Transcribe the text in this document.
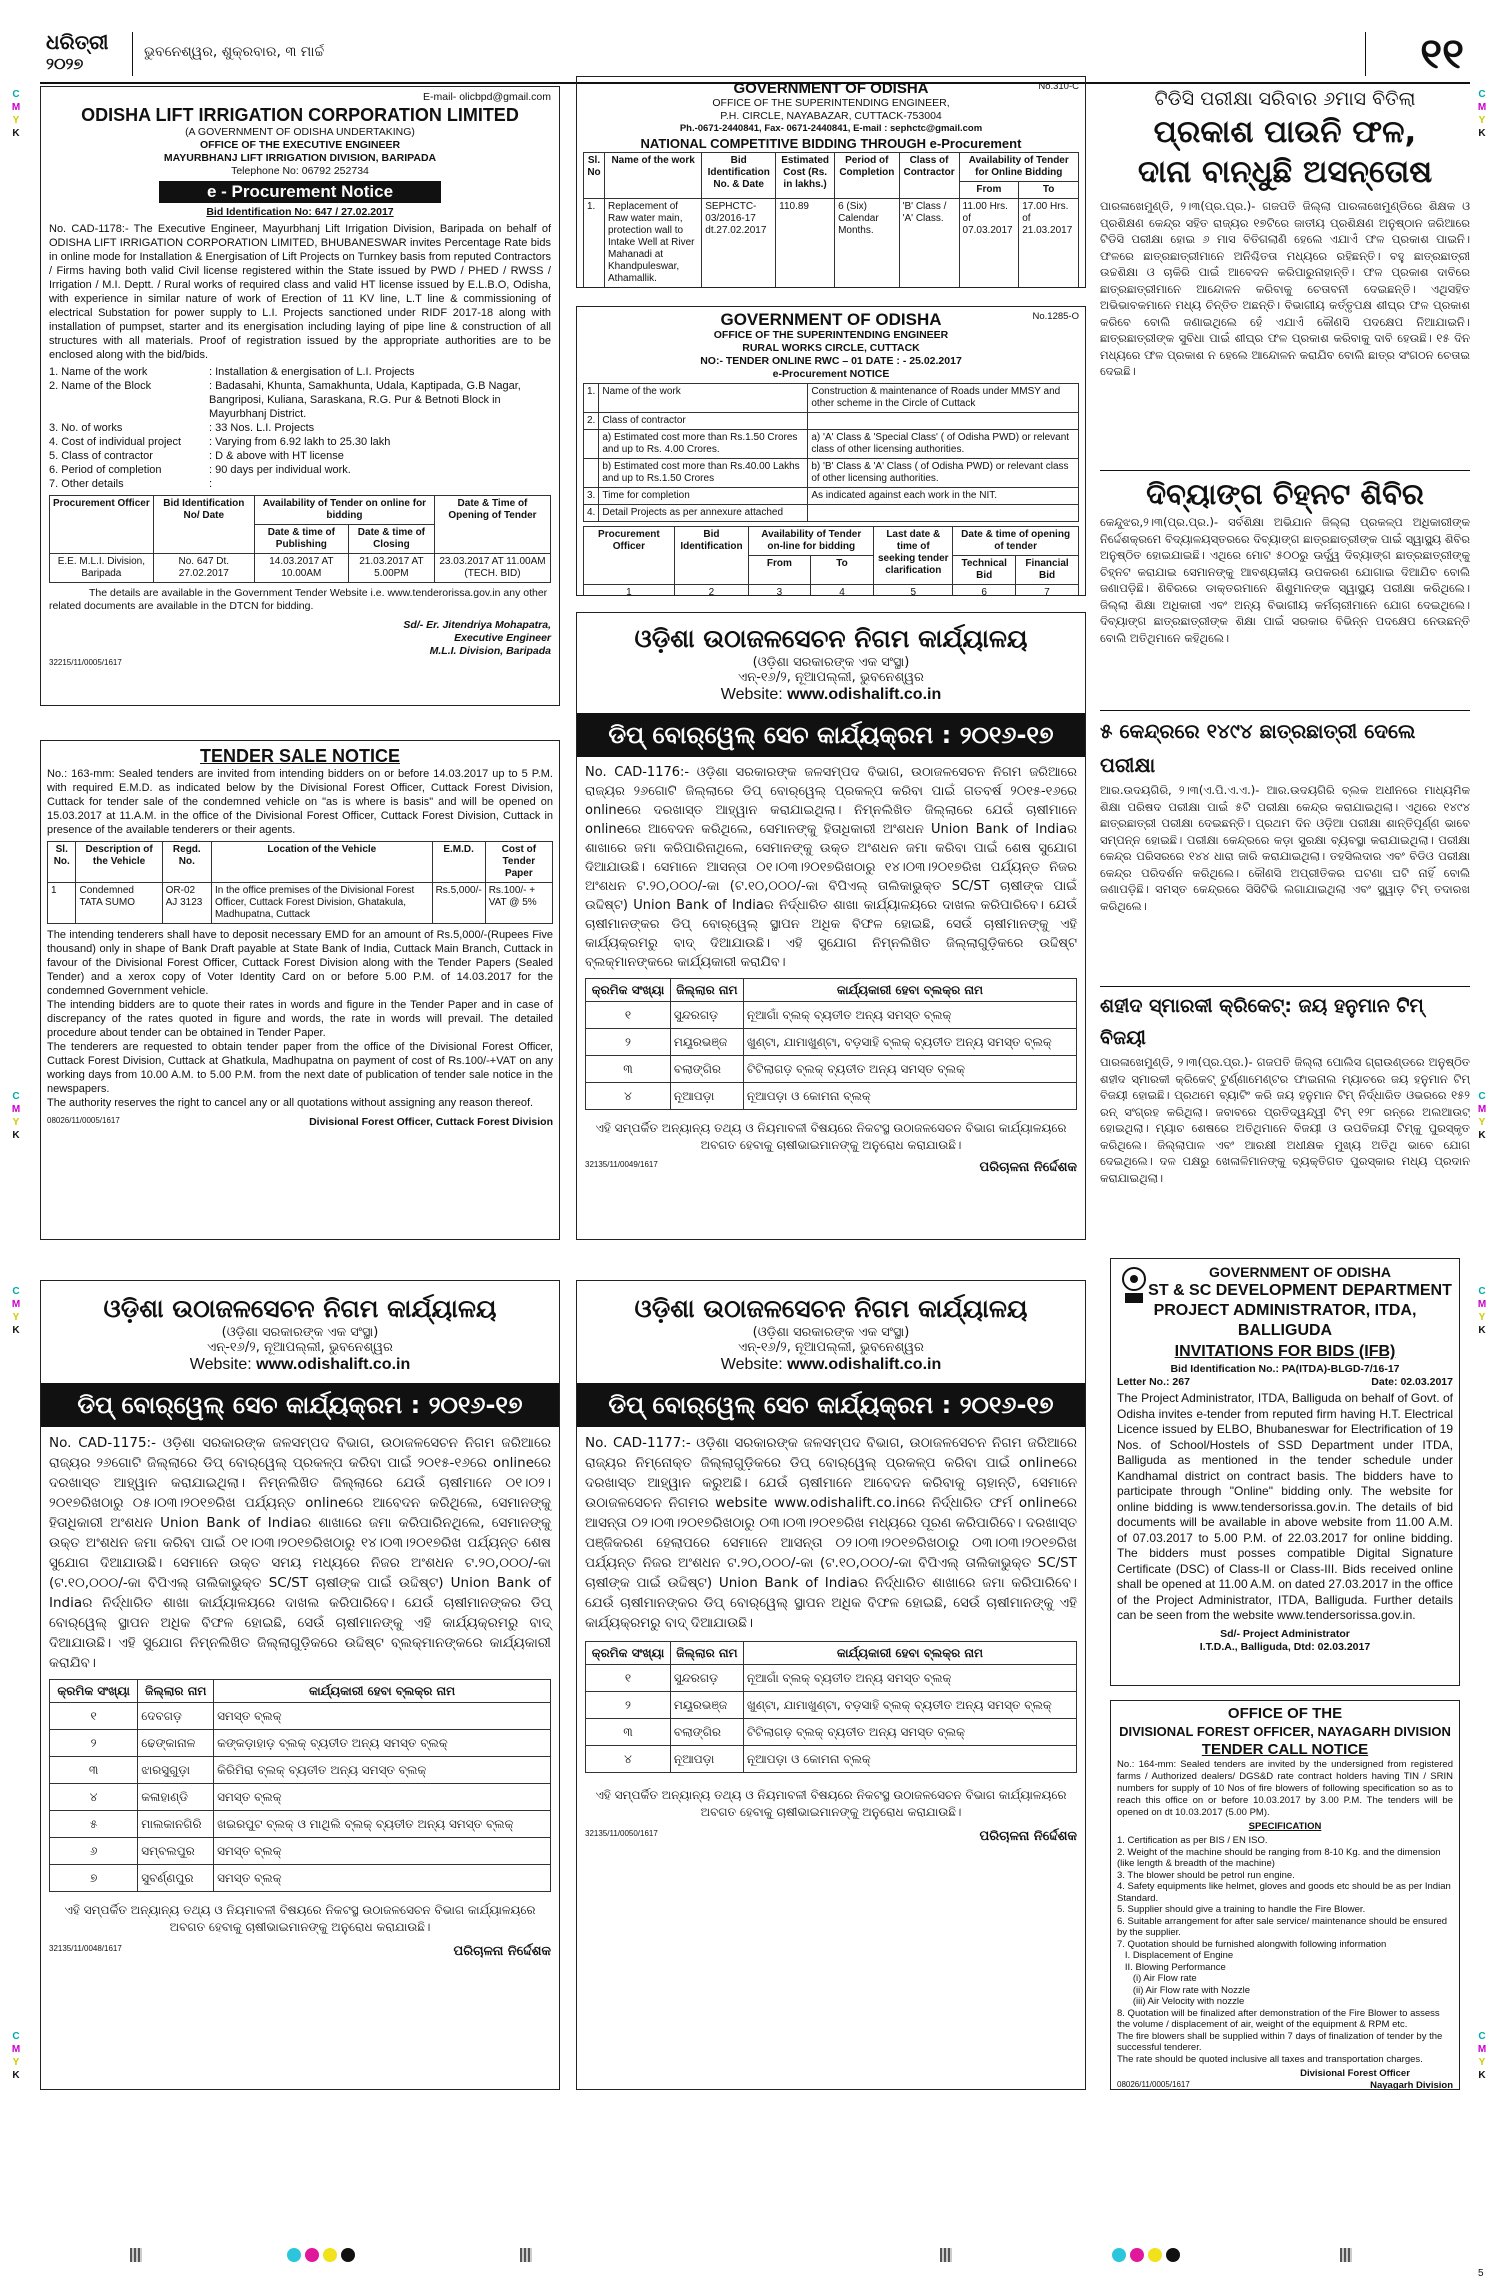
ଧରିତ୍ରୀ
୨୦୨୭
ଭୁବନେଶ୍ୱର, ଶୁକ୍ରବାର, ୩ ମାର୍ଚ୍ଚ	୧୧
C
M
Y
K
C
M
Y
K
C
M
Y
K
C
M
Y
K
C
M
Y
K
C
M
Y
K
C
M
Y
K
C
M
Y
K
5
E-mail- olicbpd@gmail.com
ODISHA LIFT IRRIGATION CORPORATION LIMITED
(A GOVERNMENT OF ODISHA UNDERTAKING)
OFFICE OF THE EXECUTIVE ENGINEER
MAYURBHANJ LIFT IRRIGATION DIVISION, BARIPADA
Telephone No: 06792 252734
e - Procurement Notice
Bid Identification No: 647 / 27.02.2017
No. CAD-1178:- The Executive Engineer, Mayurbhanj Lift Irrigation Division, Baripada on behalf of ODISHA LIFT IRRIGATION CORPORATION LIMITED, BHUBANESWAR invites Percentage Rate bids in online mode for Installation & Energisation of Lift Projects on Turnkey basis from reputed Contractors / Firms having both valid Civil license registered within the State issued by PWD / PHED / RWSS / Irrigation / M.I. Deptt. / Rural works of required class and valid HT license issued by E.L.B.O, Odisha, with experience in similar nature of work of Erection of 11 KV line, L.T line & commissioning of electrical Substation for power supply to L.I. Projects sanctioned under RIDF 2017-18 along with installation of pumpset, starter and its energisation including laying of pipe line & construction of all structures with all materials. Proof of registration issued by the appropriate authorities are to be enclosed along with the bid/bids.
1. Name of the work	: Installation & energisation of L.I. Projects
2. Name of the Block	: Badasahi, Khunta, Samakhunta, Udala, Kaptipada, G.B Nagar, Bangriposi, Kuliana, Saraskana, R.G. Pur & Betnoti Block in Mayurbhanj District.
3. No. of works	: 33 Nos. L.I. Projects
4. Cost of individual project	: Varying from 6.92 lakh to 25.30 lakh
5. Class of contractor	: D & above with HT license
6. Period of completion	: 90 days per individual work.
7. Other details	:
Procurement Officer	Bid Identification No/ Date	Availability of Tender on online for bidding		Date & Time of Opening of Tender
		Date & time of Publishing	Date & time of Closing	
E.E. M.L.I. Division, Baripada	No. 647 Dt. 27.02.2017	14.03.2017 AT 10.00AM	21.03.2017 AT 5.00PM	23.03.2017 AT 11.00AM (TECH. BID)
The details are available in the Government Tender Website i.e. www.tenderorissa.gov.in any other related documents are available in the DTCN for bidding.
Sd/- Er. Jitendriya Mohapatra,
Executive Engineer
M.L.I. Division, Baripada
32215/11/0005/1617
TENDER SALE NOTICE
No.: 163-mm: Sealed tenders are invited from intending bidders on or before 14.03.2017 up to 5 P.M. with required E.M.D. as indicated below by the Divisional Forest Officer, Cuttack Forest Division, Cuttack for tender sale of the condemned vehicle on "as is where is basis" and will be opened on 15.03.2017 at 11.A.M. in the office of the Divisional Forest Officer, Cuttack Forest Division, Cuttack in presence of the available tenderers or their agents.
Sl. No.	Description of the Vehicle	Regd. No.	Location of the Vehicle	E.M.D.	Cost of Tender Paper
1	Condemned TATA SUMO	OR-02 AJ 3123	In the office premises of the Divisional Forest Officer, Cuttack Forest Division, Ghatakula, Madhupatna, Cuttack	Rs.5,000/-	Rs.100/- + VAT @ 5%
The intending tenderers shall have to deposit necessary EMD for an amount of Rs.5,000/-(Rupees Five thousand) only in shape of Bank Draft payable at State Bank of India, Cuttack Main Branch, Cuttack in favour of the Divisional Forest Officer, Cuttack Forest Division along with the Tender Papers (Sealed Tender) and a xerox copy of Voter Identity Card on or before 5.00 P.M. of 14.03.2017 for the condemned Government vehicle.
The intending bidders are to quote their rates in words and figure in the Tender Paper and in case of discrepancy of the rates quoted in figure and words, the rate in words will prevail. The detailed procedure about tender can be obtained in Tender Paper.
The tenderers are requested to obtain tender paper from the office of the Divisional Forest Officer, Cuttack Forest Division, Cuttack at Ghatkula, Madhupatna on payment of cost of Rs.100/-+VAT on any working days from 10.00 A.M. to 5.00 P.M. from the next date of publication of tender sale notice in the newspapers.
The authority reserves the right to cancel any or all quotations without assigning any reason thereof.
08026/11/0005/1617	Divisional Forest Officer, Cuttack Forest Division
ଓଡ଼ିଶା ଉଠାଜଳସେଚନ ନିଗମ କାର୍ଯ୍ୟାଳୟ
(ଓଡ଼ିଶା ସରକାରଙ୍କ ଏକ ସଂସ୍ଥା)
ଏନ୍-୧୬/୨, ନୂଆପଲ୍ଲୀ, ଭୁବନେଶ୍ୱର
Website: www.odishalift.co.in
ଡିପ୍ ବୋର୍‌ୱେଲ୍ ସେଚ କାର୍ଯ୍ୟକ୍ରମ : ୨୦୧୬-୧୭
No. CAD-1175:- ଓଡ଼ିଶା ସରକାରଙ୍କ ଜଳସମ୍ପଦ ବିଭାଗ, ଉଠାଜଳସେଚନ ନିଗମ ଜରିଆରେ ରାଜ୍ୟର ୨୬ଗୋଟି ଜିଲ୍ଲାରେ ଡିପ୍ ବୋର୍‌ୱେଲ୍ ପ୍ରକଳ୍ପ କରିବା ପାଇଁ ୨୦୧୫-୧୬ରେ onlineରେ ଦରଖାସ୍ତ ଆହ୍ୱାନ କରାଯାଇଥିଲା। ନିମ୍ନଲିଖିତ ଜିଲ୍ଲାରେ ଯେଉଁ ଚାଷୀମାନେ ୦୧।୦୨।୨୦୧୭ରିଖଠାରୁ ୦୫।୦୩।୨୦୧୭ରିଖ ପର୍ଯ୍ୟନ୍ତ onlineରେ ଆବେଦନ କରିଥିଲେ, ସେମାନଙ୍କୁ ହିତାଧିକାରୀ ଅଂଶଧନ Union Bank of Indiaର ଶାଖାରେ ଜମା କରିପାରିନଥିଲେ, ସେମାନଙ୍କୁ ଉକ୍ତ ଅଂଶଧନ ଜମା କରିବା ପାଇଁ ୦୧।୦୩।୨୦୧୭ରିଖଠାରୁ ୧୪।୦୩।୨୦୧୭ରିଖ ପର୍ଯ୍ୟନ୍ତ ଶେଷ ସୁଯୋଗ ଦିଆଯାଉଛି। ସେମାନେ ଉକ୍ତ ସମୟ ମଧ୍ୟରେ ନିଜର ଅଂଶଧନ ଟ.୨୦,୦୦୦/-କା (ଟ.୧୦,୦୦୦/-କା ବିପିଏଲ୍ ତାଲିକାଭୁକ୍ତ SC/ST ଚାଷୀଙ୍କ ପାଇଁ ଉଦ୍ଦିଷ୍ଟ) Union Bank of Indiaର ନିର୍ଦ୍ଧାରିତ ଶାଖା କାର୍ଯ୍ୟାଳୟରେ ଦାଖଲ କରିପାରିବେ। ଯେଉଁ ଚାଷୀମାନଙ୍କର ଡିପ୍ ବୋର୍‌ୱେଲ୍ ସ୍ଥାପନ ଅଧିକ ବିଫଳ ହୋଇଛି, ସେଉଁ ଚାଷୀମାନଙ୍କୁ ଏହି କାର୍ଯ୍ୟକ୍ରମରୁ ବାଦ୍ ଦିଆଯାଉଛି। ଏହି ସୁଯୋଗ ନିମ୍ନଲିଖିତ ଜିଲ୍ଲାଗୁଡ଼ିକରେ ଉଦ୍ଦିଷ୍ଟ ବ୍ଲକ୍‌ମାନଙ୍କରେ କାର୍ଯ୍ୟକାରୀ କରାଯିବ।
କ୍ରମିକ ସଂଖ୍ୟା	ଜିଲ୍ଲାର ନାମ	କାର୍ଯ୍ୟକାରୀ ହେବା ବ୍ଲକ୍‌ର ନାମ
୧	ଦେବଗଡ଼	ସମସ୍ତ ବ୍ଲକ୍
୨	ଢେଙ୍କାନାଳ	କଙ୍କଡ଼ାହାଡ଼ ବ୍ଲକ୍ ବ୍ୟତୀତ ଅନ୍ୟ ସମସ୍ତ ବ୍ଲକ୍
୩	ଝାରସୁଗୁଡ଼ା	କିରିମିରା ବ୍ଲକ୍ ବ୍ୟତୀତ ଅନ୍ୟ ସମସ୍ତ ବ୍ଲକ୍
୪	କଳାହାଣ୍ଡି	ସମସ୍ତ ବ୍ଲକ୍
୫	ମାଲକାନଗିରି	ଖଇରପୁଟ ବ୍ଲକ୍ ଓ ମାଥିଲି ବ୍ଲକ୍ ବ୍ୟତୀତ ଅନ୍ୟ ସମସ୍ତ ବ୍ଲକ୍
୬	ସମ୍ବଲପୁର	ସମସ୍ତ ବ୍ଲକ୍
୭	ସୁବର୍ଣ୍ଣପୁର	ସମସ୍ତ ବ୍ଲକ୍
ଏହି ସମ୍ପର୍କିତ ଅନ୍ୟାନ୍ୟ ତଥ୍ୟ ଓ ନିୟମାବଳୀ ବିଷୟରେ ନିକଟସ୍ଥ ଉଠାଜଳସେଚନ ବିଭାଗ କାର୍ଯ୍ୟାଳୟରେ ଅବଗତ ହେବାକୁ ଚାଷୀଭାଇମାନଙ୍କୁ ଅନୁରୋଧ କରାଯାଉଛି।
32135/11/0048/1617	ପରିଚାଳନା ନିର୍ଦ୍ଦେଶକ
No.310-C
GOVERNMENT OF ODISHA
OFFICE OF THE SUPERINTENDING ENGINEER,
P.H. CIRCLE, NAYABAZAR, CUTTACK-753004
Ph.-0671-2440841, Fax- 0671-2440841, E-mail : sephctc@gmail.com
NATIONAL COMPETITIVE BIDDING THROUGH e-Procurement
Sl. No	Name of the work	Bid Identification No. & Date	Estimated Cost (Rs. in lakhs.)	Period of Completion	Class of Contractor	Availability of Tender for Online Bidding	
						From	To
1.	Replacement of Raw water main, protection wall to Intake Well at River Mahanadi at Khandpuleswar, Athamallik.	SEPHCTC-03/2016-17 dt.27.02.2017	110.89	6 (Six) Calendar Months.	'B' Class / 'A' Class.	11.00 Hrs. of 07.03.2017	17.00 Hrs. of 21.03.2017
No.1285-O
GOVERNMENT OF ODISHA
OFFICE OF THE SUPERINTENDING ENGINEER
RURAL WORKS CIRCLE, CUTTACK
NO:- TENDER ONLINE RWC – 01 DATE : - 25.02.2017
e-Procurement NOTICE
1.	Name of the work	Construction & maintenance of Roads under MMSY and other scheme in the Circle of Cuttack
2.	Class of contractor	
	a) Estimated cost more than Rs.1.50 Crores and up to Rs. 4.00 Crores.	a) 'A' Class & 'Special Class' ( of Odisha PWD) or relevant class of other licensing authorities.
	b) Estimated cost more than Rs.40.00 Lakhs and up to Rs.1.50 Crores	b) 'B' Class & 'A' Class ( of Odisha PWD) or relevant class of other licensing authorities.
3.	Time for completion	As indicated against each work in the NIT.
4.	Detail Projects as per annexure attached	
Procurement Officer	Bid Identification	Availability of Tender on-line for bidding		Last date & time of seeking tender clarification	Date & time of opening of tender	
		From	To		Technical Bid	Financial Bid
1	2	3	4	5	6	7

ଓଡ଼ିଶା ଉଠାଜଳସେଚନ ନିଗମ କାର୍ଯ୍ୟାଳୟ
(ଓଡ଼ିଶା ସରକାରଙ୍କ ଏକ ସଂସ୍ଥା)
ଏନ୍-୧୬/୨, ନୂଆପଲ୍ଲୀ, ଭୁବନେଶ୍ୱର
Website: www.odishalift.co.in
ଡିପ୍ ବୋର୍‌ୱେଲ୍ ସେଚ କାର୍ଯ୍ୟକ୍ରମ : ୨୦୧୬-୧୭
No. CAD-1176:- ଓଡ଼ିଶା ସରକାରଙ୍କ ଜଳସମ୍ପଦ ବିଭାଗ, ଉଠାଜଳସେଚନ ନିଗମ ଜରିଆରେ ରାଜ୍ୟର ୨୬ଗୋଟି ଜିଲ୍ଲାରେ ଡିପ୍ ବୋର୍‌ୱେଲ୍ ପ୍ରକଳ୍ପ କରିବା ପାଇଁ ଗତବର୍ଷ ୨୦୧୫-୧୬ରେ onlineରେ ଦରଖାସ୍ତ ଆହ୍ୱାନ କରାଯାଇଥିଲା। ନିମ୍ନଲିଖିତ ଜିଲ୍ଲାରେ ଯେଉଁ ଚାଷୀମାନେ onlineରେ ଆବେଦନ କରିଥିଲେ, ସେମାନଙ୍କୁ ହିତାଧିକାରୀ ଅଂଶଧନ Union Bank of Indiaର ଶାଖାରେ ଜମା କରିପାରିନାଥିଲେ, ସେମାନଙ୍କୁ ଉକ୍ତ ଅଂଶଧନ ଜମା କରିବା ପାଇଁ ଶେଷ ସୁଯୋଗ ଦିଆଯାଉଛି। ସେମାନେ ଆସନ୍ତା ୦୧।୦୩।୨୦୧୭ରିଖଠାରୁ ୧୪।୦୩।୨୦୧୭ରିଖ ପର୍ଯ୍ୟନ୍ତ ନିଜର ଅଂଶଧନ ଟ.୨୦,୦୦୦/-କା (ଟ.୧୦,୦୦୦/-କା ବିପିଏଲ୍ ତାଲିକାଭୁକ୍ତ SC/ST ଚାଷୀଙ୍କ ପାଇଁ ଉଦ୍ଦିଷ୍ଟ) Union Bank of Indiaର ନିର୍ଦ୍ଧାରିତ ଶାଖା କାର୍ଯ୍ୟାଳୟରେ ଦାଖଲ କରିପାରିବେ। ଯେଉଁ ଚାଷୀମାନଙ୍କର ଡିପ୍ ବୋର୍‌ୱେଲ୍ ସ୍ଥାପନ ଅଧିକ ବିଫଳ ହୋଇଛି, ସେଉଁ ଚାଷୀମାନଙ୍କୁ ଏହି କାର୍ଯ୍ୟକ୍ରମରୁ ବାଦ୍ ଦିଆଯାଉଛି। ଏହି ସୁଯୋଗ ନିମ୍ନଲିଖିତ ଜିଲ୍ଲାଗୁଡ଼ିକରେ ଉଦ୍ଦିଷ୍ଟ ବ୍ଲକ୍‌ମାନଙ୍କରେ କାର୍ଯ୍ୟକାରୀ କରାଯିବ।
କ୍ରମିକ ସଂଖ୍ୟା	ଜିଲ୍ଲାର ନାମ	କାର୍ଯ୍ୟକାରୀ ହେବା ବ୍ଲକ୍‌ର ନାମ
୧	ସୁନ୍ଦରଗଡ଼	ନୂଆଗାଁ ବ୍ଲକ୍ ବ୍ୟତୀତ ଅନ୍ୟ ସମସ୍ତ ବ୍ଲକ୍
୨	ମୟୂରଭଞ୍ଜ	ଖୁଣ୍ଟା, ଯାମାଖୁଣ୍ଟା, ବଡ଼ସାହି ବ୍ଲକ୍ ବ୍ୟତୀତ ଅନ୍ୟ ସମସ୍ତ ବ୍ଲକ୍
୩	ବଲାଙ୍ଗିର	ଟିଟିଲାଗଡ଼ ବ୍ଲକ୍ ବ୍ୟତୀତ ଅନ୍ୟ ସମସ୍ତ ବ୍ଲକ୍
୪	ନୂଆପଡ଼ା	ନୂଆପଡ଼ା ଓ କୋମନା ବ୍ଲକ୍
ଏହି ସମ୍ପର୍କିତ ଅନ୍ୟାନ୍ୟ ତଥ୍ୟ ଓ ନିୟମାବଳୀ ବିଷୟରେ ନିକଟସ୍ଥ ଉଠାଜଳସେଚନ ବିଭାଗ କାର୍ଯ୍ୟାଳୟରେ ଅବଗତ ହେବାକୁ ଚାଷୀଭାଇମାନଙ୍କୁ ଅନୁରୋଧ କରାଯାଉଛି।
32135/11/0049/1617	ପରିଚାଳନା ନିର୍ଦ୍ଦେଶକ
ଓଡ଼ିଶା ଉଠାଜଳସେଚନ ନିଗମ କାର୍ଯ୍ୟାଳୟ
(ଓଡ଼ିଶା ସରକାରଙ୍କ ଏକ ସଂସ୍ଥା)
ଏନ୍-୧୬/୨, ନୂଆପଲ୍ଲୀ, ଭୁବନେଶ୍ୱର
Website: www.odishalift.co.in
ଡିପ୍ ବୋର୍‌ୱେଲ୍ ସେଚ କାର୍ଯ୍ୟକ୍ରମ : ୨୦୧୬-୧୭
No. CAD-1177:- ଓଡ଼ିଶା ସରକାରଙ୍କ ଜଳସମ୍ପଦ ବିଭାଗ, ଉଠାଜଳସେଚନ ନିଗମ ଜରିଆରେ ରାଜ୍ୟର ନିମ୍ନୋକ୍ତ ଜିଲ୍ଲାଗୁଡ଼ିକରେ ଡିପ୍ ବୋର୍‌ୱେଲ୍ ପ୍ରକଳ୍ପ କରିବା ପାଇଁ onlineରେ ଦରଖାସ୍ତ ଆହ୍ୱାନ କରୁଅଛି। ଯେଉଁ ଚାଷୀମାନେ ଆବେଦନ କରିବାକୁ ଚାହାନ୍ତି, ସେମାନେ ଉଠାଜଳସେଚନ ନିଗମର website www.odishalift.co.inରେ ନିର୍ଦ୍ଧାରିତ ଫର୍ମ onlineରେ ଆସନ୍ତା ୦୨।୦୩।୨୦୧୭ରିଖଠାରୁ ୦୩।୦୩।୨୦୧୭ରିଖ ମଧ୍ୟରେ ପୂରଣ କରିପାରିବେ। ଦରଖାସ୍ତ ପଞ୍ଜିକରଣ ହେଲାପରେ ସେମାନେ ଆସନ୍ତା ୦୨।୦୩।୨୦୧୭ରିଖଠାରୁ ୦୩।୦୩।୨୦୧୭ରିଖ ପର୍ଯ୍ୟନ୍ତ ନିଜର ଅଂଶଧନ ଟ.୨୦,୦୦୦/-କା (ଟ.୧୦,୦୦୦/-କା ବିପିଏଲ୍ ତାଲିକାଭୁକ୍ତ SC/ST ଚାଷୀଙ୍କ ପାଇଁ ଉଦ୍ଦିଷ୍ଟ) Union Bank of Indiaର ନିର୍ଦ୍ଧାରିତ ଶାଖାରେ ଜମା କରିପାରିବେ। ଯେଉଁ ଚାଷୀମାନଙ୍କର ଡିପ୍ ବୋର୍‌ୱେଲ୍ ସ୍ଥାପନ ଅଧିକ ବିଫଳ ହୋଇଛି, ସେଉଁ ଚାଷୀମାନଙ୍କୁ ଏହି କାର୍ଯ୍ୟକ୍ରମରୁ ବାଦ୍ ଦିଆଯାଉଛି।
କ୍ରମିକ ସଂଖ୍ୟା	ଜିଲ୍ଲାର ନାମ	କାର୍ଯ୍ୟକାରୀ ହେବା ବ୍ଲକ୍‌ର ନାମ
୧	ସୁନ୍ଦରଗଡ଼	ନୂଆଗାଁ ବ୍ଲକ୍ ବ୍ୟତୀତ ଅନ୍ୟ ସମସ୍ତ ବ୍ଲକ୍
୨	ମୟୂରଭଞ୍ଜ	ଖୁଣ୍ଟା, ଯାମାଖୁଣ୍ଟା, ବଡ଼ସାହି ବ୍ଲକ୍ ବ୍ୟତୀତ ଅନ୍ୟ ସମସ୍ତ ବ୍ଲକ୍
୩	ବଲାଙ୍ଗିର	ଟିଟିଲାଗଡ଼ ବ୍ଲକ୍ ବ୍ୟତୀତ ଅନ୍ୟ ସମସ୍ତ ବ୍ଲକ୍
୪	ନୂଆପଡ଼ା	ନୂଆପଡ଼ା ଓ କୋମନା ବ୍ଲକ୍
ଏହି ସମ୍ପର୍କିତ ଅନ୍ୟାନ୍ୟ ତଥ୍ୟ ଓ ନିୟମାବଳୀ ବିଷୟରେ ନିକଟସ୍ଥ ଉଠାଜଳସେଚନ ବିଭାଗ କାର୍ଯ୍ୟାଳୟରେ ଅବଗତ ହେବାକୁ ଚାଷୀଭାଇମାନଙ୍କୁ ଅନୁରୋଧ କରାଯାଉଛି।
32135/11/0050/1617	ପରିଚାଳନା ନିର୍ଦ୍ଦେଶକ
ଟିଡିସି ପରୀକ୍ଷା ସରିବାର ୬ମାସ ବିତିଲା
ପ୍ରକାଶ ପାଉନି ଫଳ,
ଦାନା ବାନ୍ଧୁଛି ଅସନ୍ତୋଷ
ପାରଳାଖେମୁଣ୍ଡି, ୨।୩(ପ୍ର.ପ୍ର.)- ଗଜପତି ଜିଲ୍ଲା ପାରଳାଖେମୁଣ୍ଡିରେ ଶିକ୍ଷକ ଓ ପ୍ରଶିକ୍ଷଣ କେନ୍ଦ୍ର ସହିତ ରାଜ୍ୟର ୧୭ଟିରେ ଜାତୀୟ ପ୍ରଶିକ୍ଷଣ ଅନୁଷ୍ଠାନ ଜରିଆରେ ଟିଡିସି ପରୀକ୍ଷା ହୋଇ ୬ ମାସ ବିତିଗଲାଣି ହେଲେ ଏଯାଏଁ ଫଳ ପ୍ରକାଶ ପାଇନି। ଫଳରେ ଛାତ୍ରଛାତ୍ରୀମାନେ ଅନିଶ୍ଚିତତା ମଧ୍ୟରେ ରହିଛନ୍ତି। ବହୁ ଛାତ୍ରଛାତ୍ରୀ ଉଚ୍ଚଶିକ୍ଷା ଓ ଚାକିରି ପାଇଁ ଆବେଦନ କରିପାରୁନାହାନ୍ତି। ଫଳ ପ୍ରକାଶ ଦାବିରେ ଛାତ୍ରଛାତ୍ରୀମାନେ ଆନ୍ଦୋଳନ କରିବାକୁ ଚେତାବନୀ ଦେଇଛନ୍ତି। ଏଥିସହିତ ଅଭିଭାବକମାନେ ମଧ୍ୟ ଚିନ୍ତିତ ଅଛନ୍ତି। ବିଭାଗୀୟ କର୍ତ୍ତୃପକ୍ଷ ଶୀଘ୍ର ଫଳ ପ୍ରକାଶ କରିବେ ବୋଲି ଜଣାଇଥିଲେ ହେଁ ଏଯାଏଁ କୌଣସି ପଦକ୍ଷେପ ନିଆଯାଇନି। ଛାତ୍ରଛାତ୍ରୀଙ୍କ ସୁବିଧା ପାଇଁ ଶୀଘ୍ର ଫଳ ପ୍ରକାଶ କରିବାକୁ ଦାବି ହେଉଛି। ୧୫ ଦିନ ମଧ୍ୟରେ ଫଳ ପ୍ରକାଶ ନ ହେଲେ ଆନ୍ଦୋଳନ କରାଯିବ ବୋଲି ଛାତ୍ର ସଂଗଠନ ଚେତାଇ ଦେଇଛି।
ଦିବ୍ୟାଙ୍ଗ ଚିହ୍ନଟ ଶିବିର
କେନ୍ଦୁଝର,୨।୩(ପ୍ର.ପ୍ର.)- ସର୍ବଶିକ୍ଷା ଅଭିଯାନ ଜିଲ୍ଲା ପ୍ରକଳ୍ପ ଅଧିକାରୀଙ୍କ ନିର୍ଦ୍ଦେଶକ୍ରମେ ବିଦ୍ୟାଳୟସ୍ତରରେ ଦିବ୍ୟାଙ୍ଗ ଛାତ୍ରଛାତ୍ରୀଙ୍କ ପାଇଁ ସ୍ୱାସ୍ଥ୍ୟ ଶିବିର ଅନୁଷ୍ଠିତ ହୋଇଯାଇଛି। ଏଥିରେ ମୋଟ ୫୦୦ରୁ ଊର୍ଦ୍ଧ୍ୱ ଦିବ୍ୟାଙ୍ଗ ଛାତ୍ରଛାତ୍ରୀଙ୍କୁ ଚିହ୍ନଟ କରାଯାଇ ସେମାନଙ୍କୁ ଆବଶ୍ୟକୀୟ ଉପକରଣ ଯୋଗାଇ ଦିଆଯିବ ବୋଲି ଜଣାପଡ଼ିଛି। ଶିବିରରେ ଡାକ୍ତରମାନେ ଶିଶୁମାନଙ୍କ ସ୍ୱାସ୍ଥ୍ୟ ପରୀକ୍ଷା କରିଥିଲେ। ଜିଲ୍ଲା ଶିକ୍ଷା ଅଧିକାରୀ ଏବଂ ଅନ୍ୟ ବିଭାଗୀୟ କର୍ମଚାରୀମାନେ ଯୋଗ ଦେଇଥିଲେ। ଦିବ୍ୟାଙ୍ଗ ଛାତ୍ରଛାତ୍ରୀଙ୍କ ଶିକ୍ଷା ପାଇଁ ସରକାର ବିଭିନ୍ନ ପଦକ୍ଷେପ ନେଉଛନ୍ତି ବୋଲି ଅତିଥିମାନେ କହିଥିଲେ।
୫ କେନ୍ଦ୍ରରେ ୧୪୯୪ ଛାତ୍ରଛାତ୍ରୀ ଦେଲେ ପରୀକ୍ଷା
ଆର.ଉଦୟଗିରି, ୨।୩(ଏ.ପି.ଏ.ଏ.)- ଆର.ଉଦୟଗିରି ବ୍ଲକ ଅଧୀନରେ ମାଧ୍ୟମିକ ଶିକ୍ଷା ପରିଷଦ ପରୀକ୍ଷା ପାଇଁ ୫ଟି ପରୀକ୍ଷା କେନ୍ଦ୍ର କରାଯାଇଥିଲା। ଏଥିରେ ୧୪୯୪ ଛାତ୍ରଛାତ୍ରୀ ପରୀକ୍ଷା ଦେଇଛନ୍ତି। ପ୍ରଥମ ଦିନ ଓଡ଼ିଆ ପରୀକ୍ଷା ଶାନ୍ତିପୂର୍ଣ୍ଣ ଭାବେ ସମ୍ପନ୍ନ ହୋଇଛି। ପରୀକ୍ଷା କେନ୍ଦ୍ରରେ କଡ଼ା ସୁରକ୍ଷା ବ୍ୟବସ୍ଥା କରାଯାଇଥିଲା। ପରୀକ୍ଷା କେନ୍ଦ୍ର ପରିସରରେ ୧୪୪ ଧାରା ଜାରି କରାଯାଇଥିଲା। ତହସିଲଦାର ଏବଂ ବିଡିଓ ପରୀକ୍ଷା କେନ୍ଦ୍ର ପରିଦର୍ଶନ କରିଥିଲେ। କୌଣସି ଅପ୍ରୀତିକର ଘଟଣା ଘଟି ନାହିଁ ବୋଲି ଜଣାପଡ଼ିଛି। ସମସ୍ତ କେନ୍ଦ୍ରରେ ସିସିଟିଭି ଲଗାଯାଇଥିଲା ଏବଂ ସ୍କ୍ୱାଡ଼ ଟିମ୍ ତଦାରଖ କରିଥିଲେ।
ଶହୀଦ ସ୍ମାରକୀ କ୍ରିକେଟ୍: ଜୟ ହନୁମାନ ଟିମ୍ ବିଜୟୀ
ପାରଳାଖେମୁଣ୍ଡି, ୨।୩(ପ୍ର.ପ୍ର.)- ଗଜପତି ଜିଲ୍ଲା ପୋଲିସ ଗ୍ରାଉଣ୍ଡରେ ଅନୁଷ୍ଠିତ ଶହୀଦ ସ୍ମାରକୀ କ୍ରିକେଟ୍ ଟୁର୍ଣ୍ଣାମେଣ୍ଟର ଫାଇନାଲ ମ୍ୟାଚରେ ଜୟ ହନୁମାନ ଟିମ୍ ବିଜୟୀ ହୋଇଛି। ପ୍ରଥମେ ବ୍ୟାଟିଂ କରି ଜୟ ହନୁମାନ ଟିମ୍ ନିର୍ଦ୍ଧାରିତ ଓଭରରେ ୧୫୨ ରନ୍ ସଂଗ୍ରହ କରିଥିଲା। ଜବାବରେ ପ୍ରତିଦ୍ୱନ୍ଦ୍ୱୀ ଟିମ୍ ୧୨୮ ରନ୍‌ରେ ଅଲଆଉଟ୍ ହୋଇଥିଲା। ମ୍ୟାଚ ଶେଷରେ ଅତିଥିମାନେ ବିଜୟୀ ଓ ଉପବିଜୟୀ ଟିମ୍‌କୁ ପୁରସ୍କୃତ କରିଥିଲେ। ଜିଲ୍ଲାପାଳ ଏବଂ ଆରକ୍ଷୀ ଅଧୀକ୍ଷକ ମୁଖ୍ୟ ଅତିଥି ଭାବେ ଯୋଗ ଦେଇଥିଲେ। ଦଳ ପକ୍ଷରୁ ଖେଳାଳିମାନଙ୍କୁ ବ୍ୟକ୍ତିଗତ ପୁରସ୍କାର ମଧ୍ୟ ପ୍ରଦାନ କରାଯାଇଥିଲା।
GOVERNMENT OF ODISHA
ST & SC DEVELOPMENT DEPARTMENT
PROJECT ADMINISTRATOR, ITDA, BALLIGUDA
INVITATIONS FOR BIDS (IFB)
Bid Identification No.: PA(ITDA)-BLGD-7/16-17
Letter No.: 267	Date: 02.03.2017
The Project Administrator, ITDA, Balliguda on behalf of Govt. of Odisha invites e-tender from reputed firm having H.T. Electrical Licence issued by ELBO, Bhubaneswar for Electrification of 19 Nos. of School/Hostels of SSD Department under ITDA, Balliguda as mentioned in the tender schedule under Kandhamal district on contract basis. The bidders have to participate through "Online" bidding only. The website for online bidding is www.tendersorissa.gov.in. The details of bid documents will be available in above website from 11.00 A.M. of 07.03.2017 to 5.00 P.M. of 22.03.2017 for online bidding. The bidders must posses compatible Digital Signature Certificate (DSC) of Class-II or Class-III. Bids received online shall be opened at 11.00 A.M. on dated 27.03.2017 in the office of the Project Administrator, ITDA, Balliguda. Further details can be seen from the website www.tendersorissa.gov.in.
Sd/- Project Administrator
I.T.D.A., Balliguda, Dtd: 02.03.2017
OFFICE OF THE
DIVISIONAL FOREST OFFICER, NAYAGARH DIVISION
TENDER CALL NOTICE
No.: 164-mm: Sealed tenders are invited by the undersigned from registered farms / Authorized dealers/ DGS&D rate contract holders having TIN / SRIN numbers for supply of 10 Nos of fire blowers of following specification so as to reach this office on or before 10.03.2017 by 3.00 P.M. The tenders will be opened on dt 10.03.2017 (5.00 PM).
SPECIFICATION
1. Certification as per BIS / EN ISO.
2. Weight of the machine should be ranging from 8-10 Kg. and the dimension (like length & breadth of the machine)
3. The blower should be petrol run engine.
4. Safety equipments like helmet, gloves and goods etc should be as per Indian Standard.
5. Supplier should give a training to handle the Fire Blower.
6. Suitable arrangement for after sale service/ maintenance should be ensured by the supplier.
7. Quotation should be furnished alongwith following information
I. Displacement of Engine
II. Blowing Performance
(i) Air Flow rate
(ii) Air Flow rate with Nozzle
(iii) Air Velocity with nozzle
8. Quotation will be finalized after demonstration of the Fire Blower to assess the volume / displacement of air, weight of the equipment & RPM etc.
The fire blowers shall be supplied within 7 days of finalization of tender by the successful tenderer.
The rate should be quoted inclusive all taxes and transportation charges.
Divisional Forest Officer
08026/11/0005/1617	Nayagarh Division
